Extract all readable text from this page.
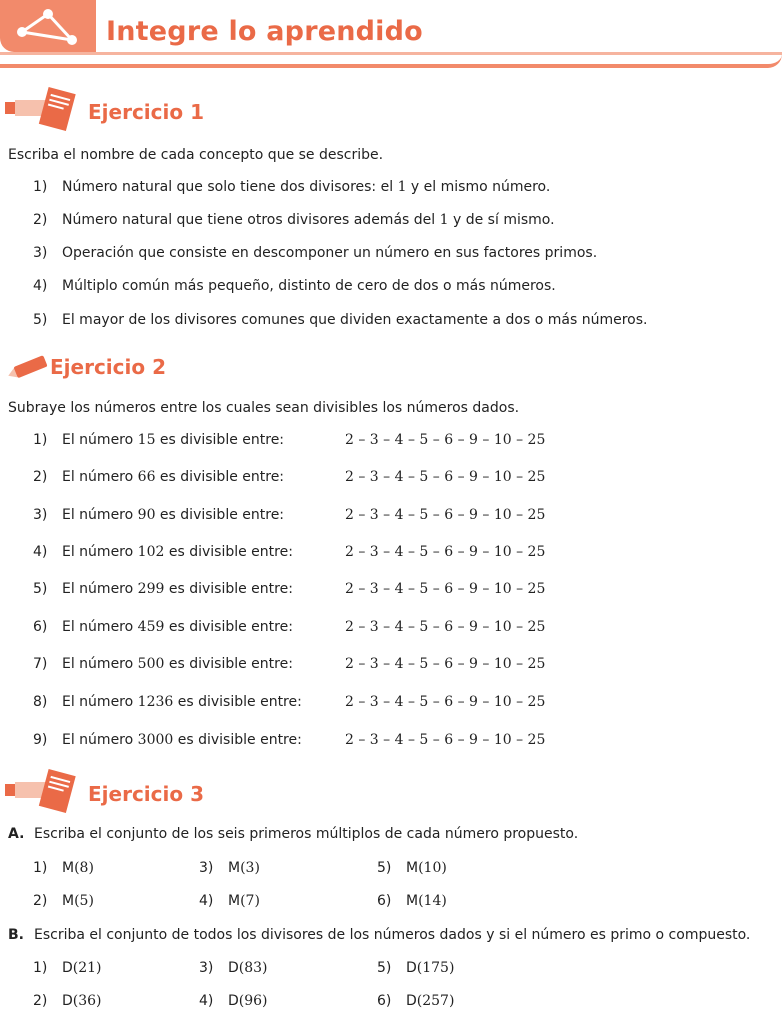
Integre lo aprendido
Ejercicio 1
Escriba el nombre de cada concepto que se describe.
1) Número natural que solo tiene dos divisores: el 1 y el mismo número.
2) Número natural que tiene otros divisores además del 1 y de sí mismo.
3) Operación que consiste en descomponer un número en sus factores primos.
4) Múltiplo común más pequeño, distinto de cero de dos o más números.
5) El mayor de los divisores comunes que dividen exactamente a dos o más números.
Ejercicio 2
Subraye los números entre los cuales sean divisibles los números dados.
1) El número 15 es divisible entre:	2 – 3 – 4 – 5 – 6 – 9 – 10 – 25
2) El número 66 es divisible entre:	2 – 3 – 4 – 5 – 6 – 9 – 10 – 25
3) El número 90 es divisible entre:	2 – 3 – 4 – 5 – 6 – 9 – 10 – 25
4) El número 102 es divisible entre:	2 – 3 – 4 – 5 – 6 – 9 – 10 – 25
5) El número 299 es divisible entre:	2 – 3 – 4 – 5 – 6 – 9 – 10 – 25
6) El número 459 es divisible entre:	2 – 3 – 4 – 5 – 6 – 9 – 10 – 25
7) El número 500 es divisible entre:	2 – 3 – 4 – 5 – 6 – 9 – 10 – 25
8) El número 1236 es divisible entre:	2 – 3 – 4 – 5 – 6 – 9 – 10 – 25
9) El número 3000 es divisible entre:	2 – 3 – 4 – 5 – 6 – 9 – 10 – 25
Ejercicio 3
A. Escriba el conjunto de los seis primeros múltiplos de cada número propuesto.
1) M(8)	3) M(3)	5) M(10)
2) M(5)	4) M(7)	6) M(14)
B. Escriba el conjunto de todos los divisores de los números dados y si el número es primo o compuesto.
1) D(21)	3) D(83)	5) D(175)
2) D(36)	4) D(96)	6) D(257)
